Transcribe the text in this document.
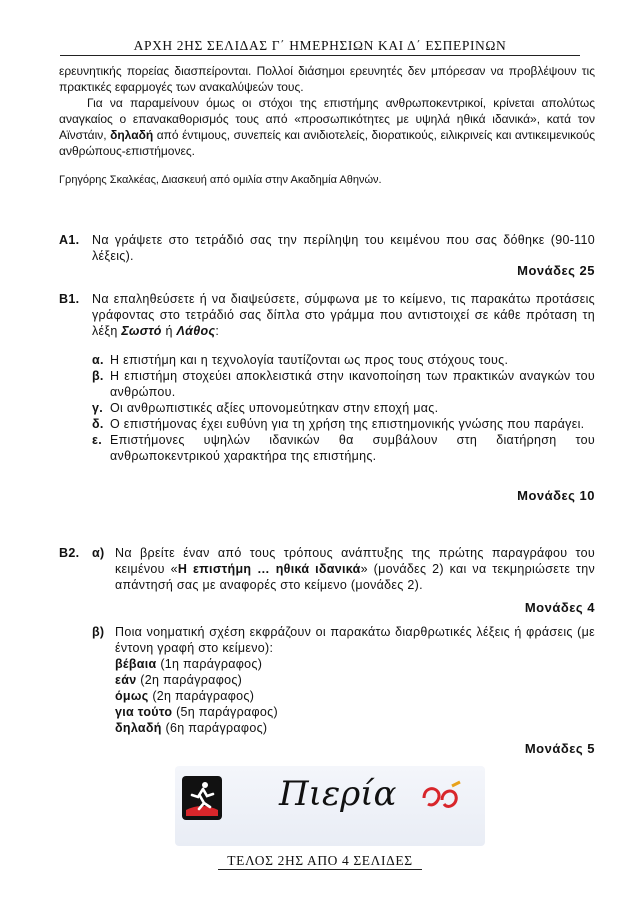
ΑΡΧΗ 2ΗΣ ΣΕΛΙΔΑΣ Γ΄ ΗΜΕΡΗΣΙΩΝ ΚΑΙ Δ΄ ΕΣΠΕΡΙΝΩΝ

ερευνητικής πορείας διασπείρονται. Πολλοί διάσημοι ερευνητές δεν μπόρεσαν να προβλέψουν τις πρακτικές εφαρμογές των ανακαλύψεών τους.

Για να παραμείνουν όμως οι στόχοι της επιστήμης ανθρωποκεντρικοί, κρίνεται απολύτως αναγκαίος ο επανακαθορισμός τους από «προσωπικότητες με υψηλά ηθικά ιδανικά», κατά τον Αϊνστάιν, δηλαδή από έντιμους, συνεπείς και ανιδιοτελείς, διορατικούς, ειλικρινείς και αντικειμενικούς ανθρώπους-επιστήμονες.

Γρηγόρης Σκαλκέας, Διασκευή από ομιλία στην Ακαδημία Αθηνών.
Α1. Να γράψετε στο τετράδιό σας την περίληψη του κειμένου που σας δόθηκε (90-110 λέξεις).
Μονάδες 25
Β1. Να επαληθεύσετε ή να διαψεύσετε, σύμφωνα με το κείμενο, τις παρακάτω προτάσεις γράφοντας στο τετράδιό σας δίπλα στο γράμμα που αντιστοιχεί σε κάθε πρόταση τη λέξη Σωστό ή Λάθος:
α. Η επιστήμη και η τεχνολογία ταυτίζονται ως προς τους στόχους τους.
β. Η επιστήμη στοχεύει αποκλειστικά στην ικανοποίηση των πρακτικών αναγκών του ανθρώπου.
γ. Οι ανθρωπιστικές αξίες υπονομεύτηκαν στην εποχή μας.
δ. Ο επιστήμονας έχει ευθύνη για τη χρήση της επιστημονικής γνώσης που παράγει.
ε. Επιστήμονες υψηλών ιδανικών θα συμβάλουν στη διατήρηση του ανθρωποκεντρικού χαρακτήρα της επιστήμης.
Μονάδες 10
Β2. α) Να βρείτε έναν από τους τρόπους ανάπτυξης της πρώτης παραγράφου του κειμένου «Η επιστήμη … ηθικά ιδανικά» (μονάδες 2) και να τεκμηριώσετε την απάντησή σας με αναφορές στο κείμενο (μονάδες 2).
Μονάδες 4
β) Ποια νοηματική σχέση εκφράζουν οι παρακάτω διαρθρωτικές λέξεις ή φράσεις (με έντονη γραφή στο κείμενο):
βέβαια (1η παράγραφος)
εάν (2η παράγραφος)
όμως (2η παράγραφος)
για τούτο (5η παράγραφος)
δηλαδή (6η παράγραφος)
Μονάδες 5
Πιερία
ΤΕΛΟΣ 2ΗΣ ΑΠΟ 4 ΣΕΛΙΔΕΣ
